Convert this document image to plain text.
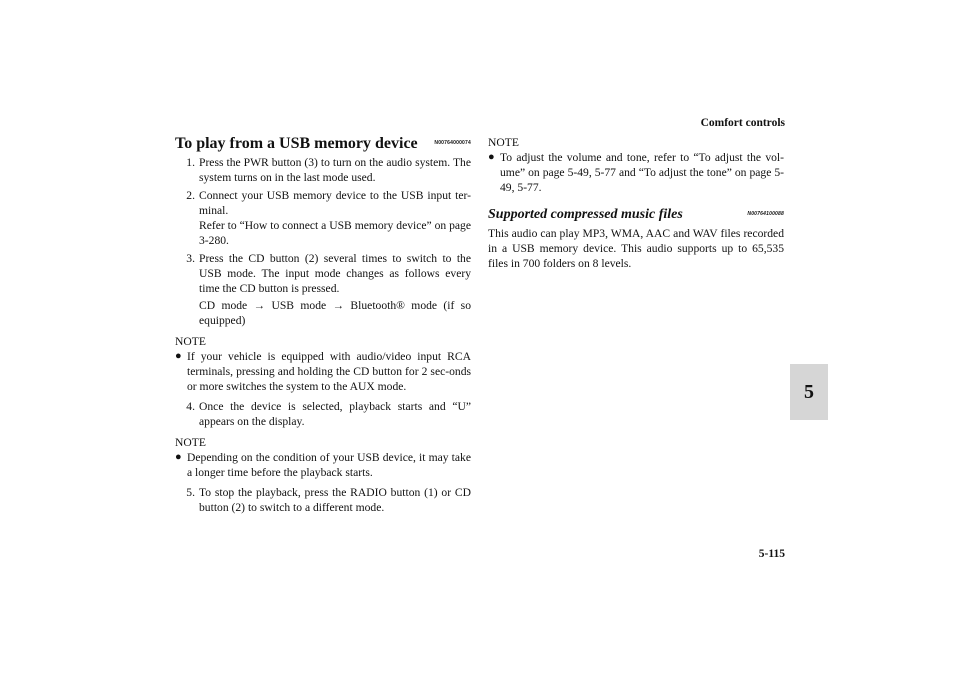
Comfort controls
5
5-115
To play from a USB memory device	N00764000074
1. Press the PWR button (3) to turn on the audio system. The system turns on in the last mode used.
2. Connect your USB memory device to the USB input ter-minal.
Refer to “How to connect a USB memory device” on page 3-280.
3. Press the CD button (2) several times to switch to the USB mode. The input mode changes as follows every time the CD button is pressed.
CD mode → USB mode → Bluetooth® mode (if so equipped)
NOTE
● If your vehicle is equipped with audio/video input RCA terminals, pressing and holding the CD button for 2 sec-onds or more switches the system to the AUX mode.
4. Once the device is selected, playback starts and “U” appears on the display.
NOTE
● Depending on the condition of your USB device, it may take a longer time before the playback starts.
5. To stop the playback, press the RADIO button (1) or CD button (2) to switch to a different mode.
NOTE
● To adjust the volume and tone, refer to “To adjust the vol-ume” on page 5-49, 5-77 and “To adjust the tone” on page 5-49, 5-77.
Supported compressed music files	N00764100088
This audio can play MP3, WMA, AAC and WAV files recorded in a USB memory device. This audio supports up to 65,535 files in 700 folders on 8 levels.
